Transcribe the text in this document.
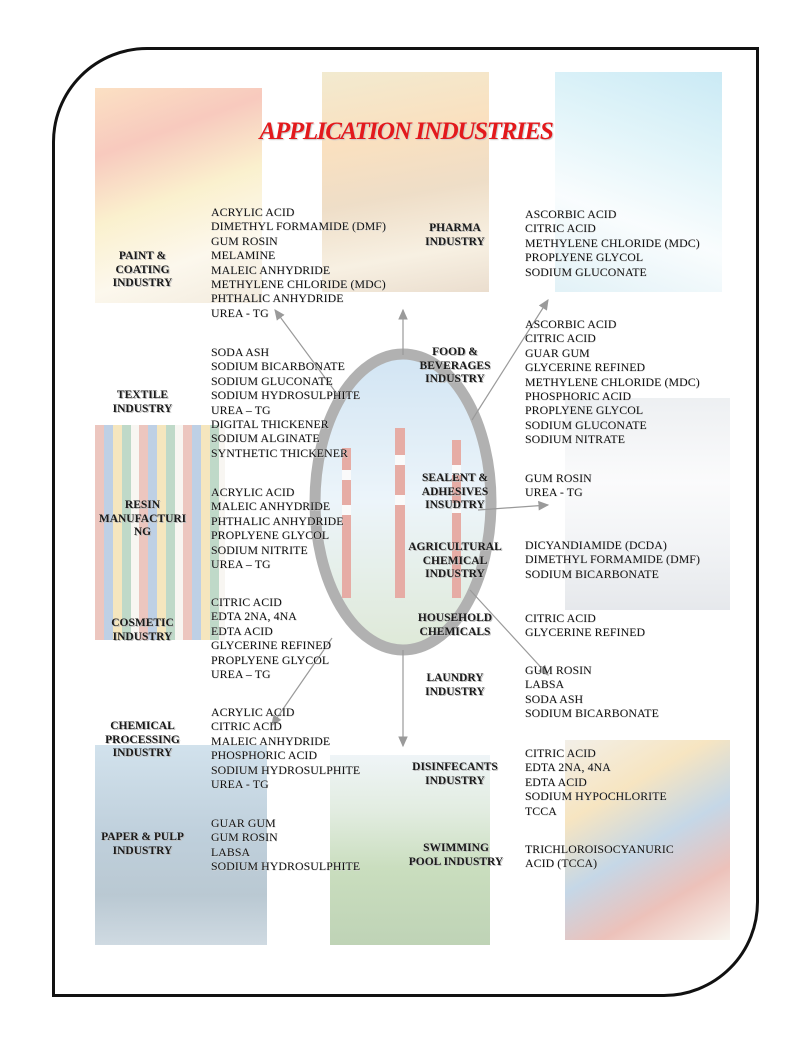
APPLICATION INDUSTRIES
PAINT &
COATING
INDUSTRY
ACRYLIC ACID
DIMETHYL FORMAMIDE (DMF)
GUM ROSIN
MELAMINE
MALEIC ANHYDRIDE
METHYLENE CHLORIDE (MDC)
PHTHALIC ANHYDRIDE
UREA - TG
TEXTILE
INDUSTRY
SODA ASH
SODIUM BICARBONATE
SODIUM GLUCONATE
SODIUM HYDROSULPHITE
UREA – TG
DIGITAL THICKENER
SODIUM ALGINATE
SYNTHETIC THICKENER
RESIN
MANUFACTURI
NG
ACRYLIC ACID
MALEIC ANHYDRIDE
PHTHALIC ANHYDRIDE
PROPLYENE GLYCOL
SODIUM NITRITE
UREA – TG
COSMETIC
INDUSTRY
CITRIC ACID
EDTA 2NA, 4NA
EDTA ACID
GLYCERINE REFINED
PROPLYENE GLYCOL
UREA – TG
CHEMICAL
PROCESSING
INDUSTRY
ACRYLIC ACID
CITRIC ACID
MALEIC ANHYDRIDE
PHOSPHORIC ACID
SODIUM HYDROSULPHITE
UREA - TG
PAPER & PULP
INDUSTRY
GUAR GUM
GUM ROSIN
LABSA
SODIUM HYDROSULPHITE
PHARMA
INDUSTRY
ASCORBIC ACID
CITRIC ACID
METHYLENE CHLORIDE (MDC)
PROPLYENE GLYCOL
SODIUM GLUCONATE
FOOD &
BEVERAGES
INDUSTRY
ASCORBIC ACID
CITRIC ACID
GUAR GUM
GLYCERINE REFINED
METHYLENE CHLORIDE (MDC)
PHOSPHORIC ACID
PROPLYENE GLYCOL
SODIUM GLUCONATE
SODIUM NITRATE
SEALENT &
ADHESIVES
INSUDTRY
GUM ROSIN
UREA - TG
AGRICULTURAL
CHEMICAL
INDUSTRY
DICYANDIAMIDE (DCDA)
DIMETHYL FORMAMIDE (DMF)
SODIUM BICARBONATE
HOUSEHOLD
CHEMICALS
CITRIC ACID
GLYCERINE REFINED
LAUNDRY
INDUSTRY
GUM ROSIN
LABSA
SODA ASH
SODIUM BICARBONATE
DISINFECANTS
INDUSTRY
CITRIC ACID
EDTA 2NA, 4NA
EDTA ACID
SODIUM HYPOCHLORITE
TCCA
SWIMMING
POOL INDUSTRY
TRICHLOROISOCYANURIC
ACID (TCCA)
